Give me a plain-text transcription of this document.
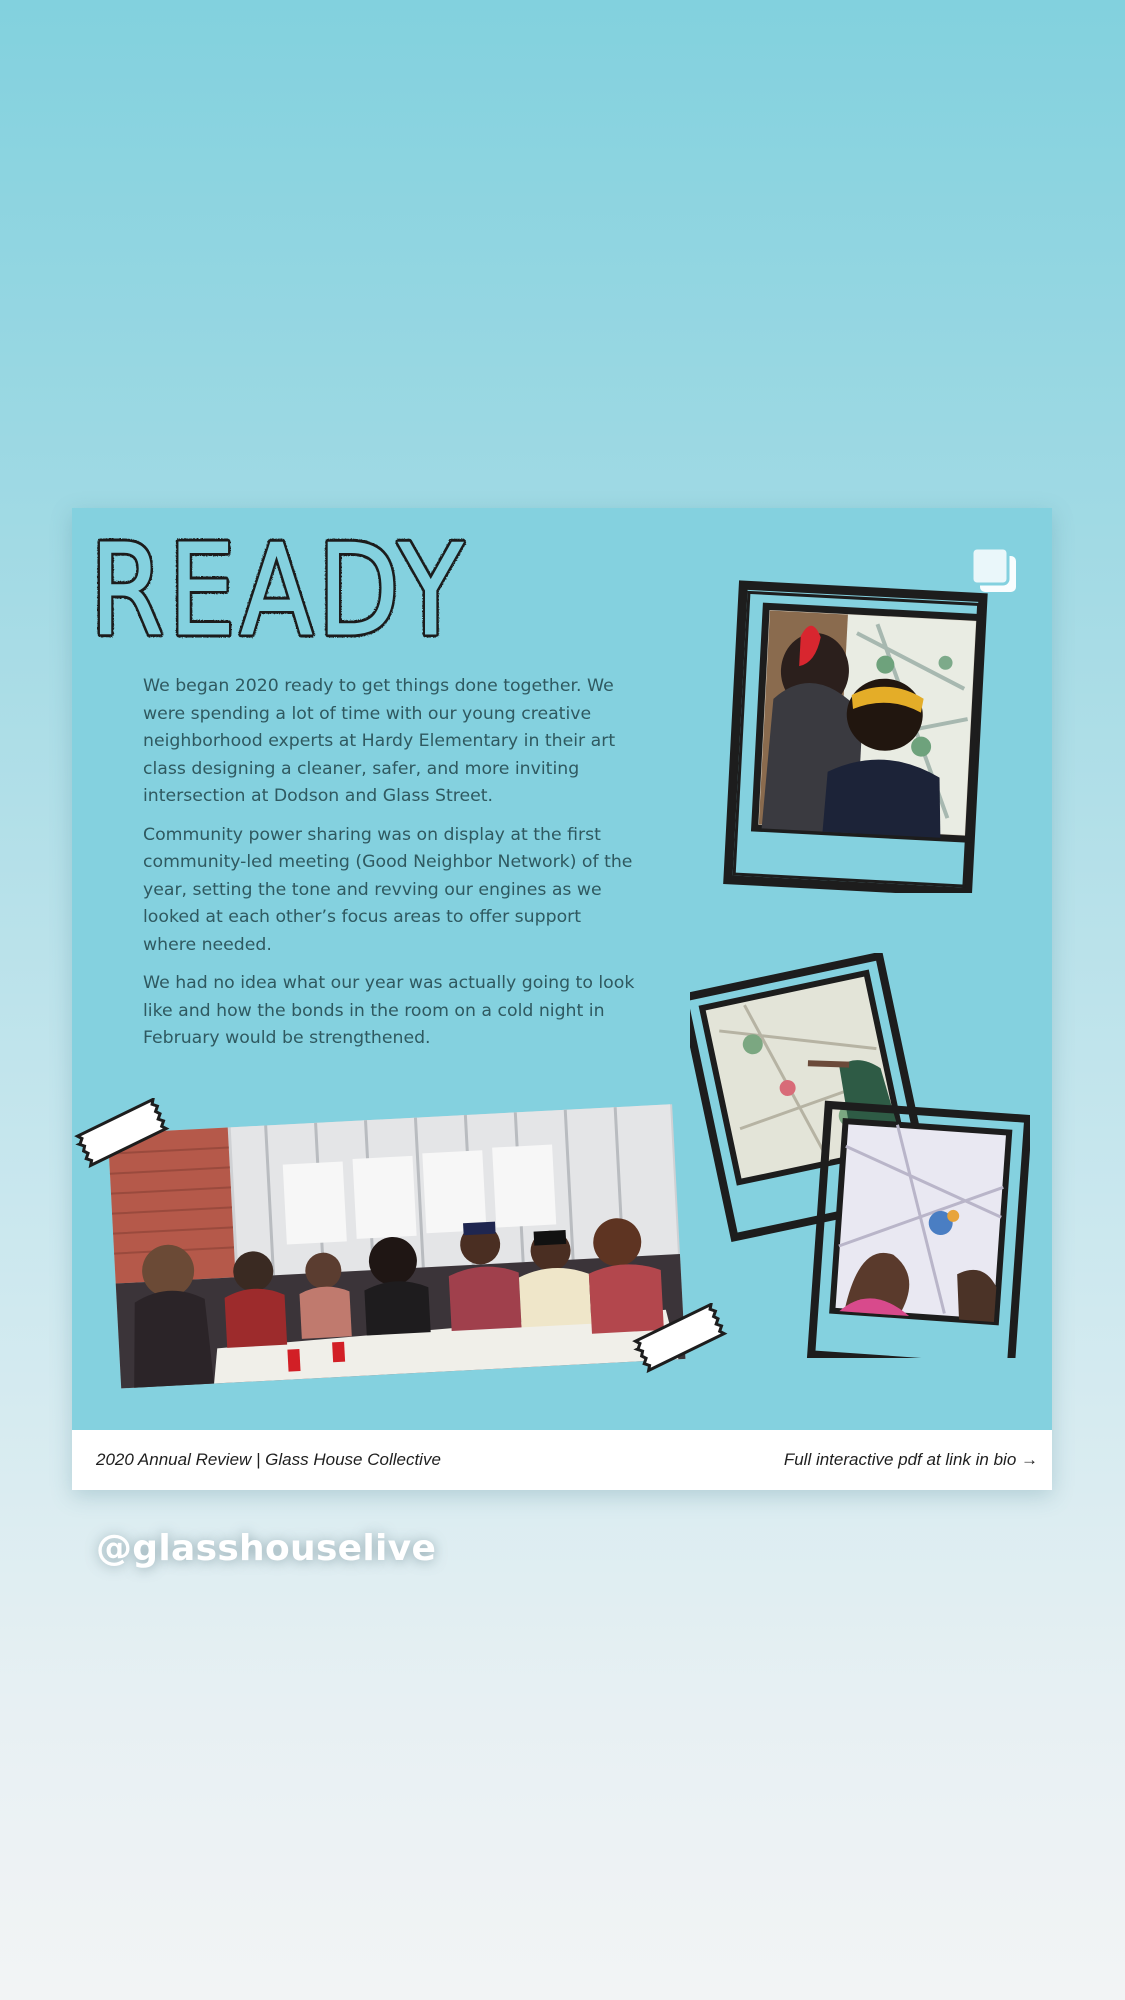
READY
READY

We began 2020 ready to get things done together. We were spending a lot of time with our young creative neighborhood experts at Hardy Elementary in their art class designing a cleaner, safer, and more inviting intersection at Dodson and Glass Street.

Community power sharing was on display at the first community-led meeting (Good Neighbor Network) of the year, setting the tone and revving our engines as we looked at each other’s focus areas to offer support where needed.

We had no idea what our year was actually going to look like and how the bonds in the room on a cold night in February would be strengthened.

2020 Annual Review | Glass House Collective	Full interactive pdf at link in bio →
@glasshouselive
